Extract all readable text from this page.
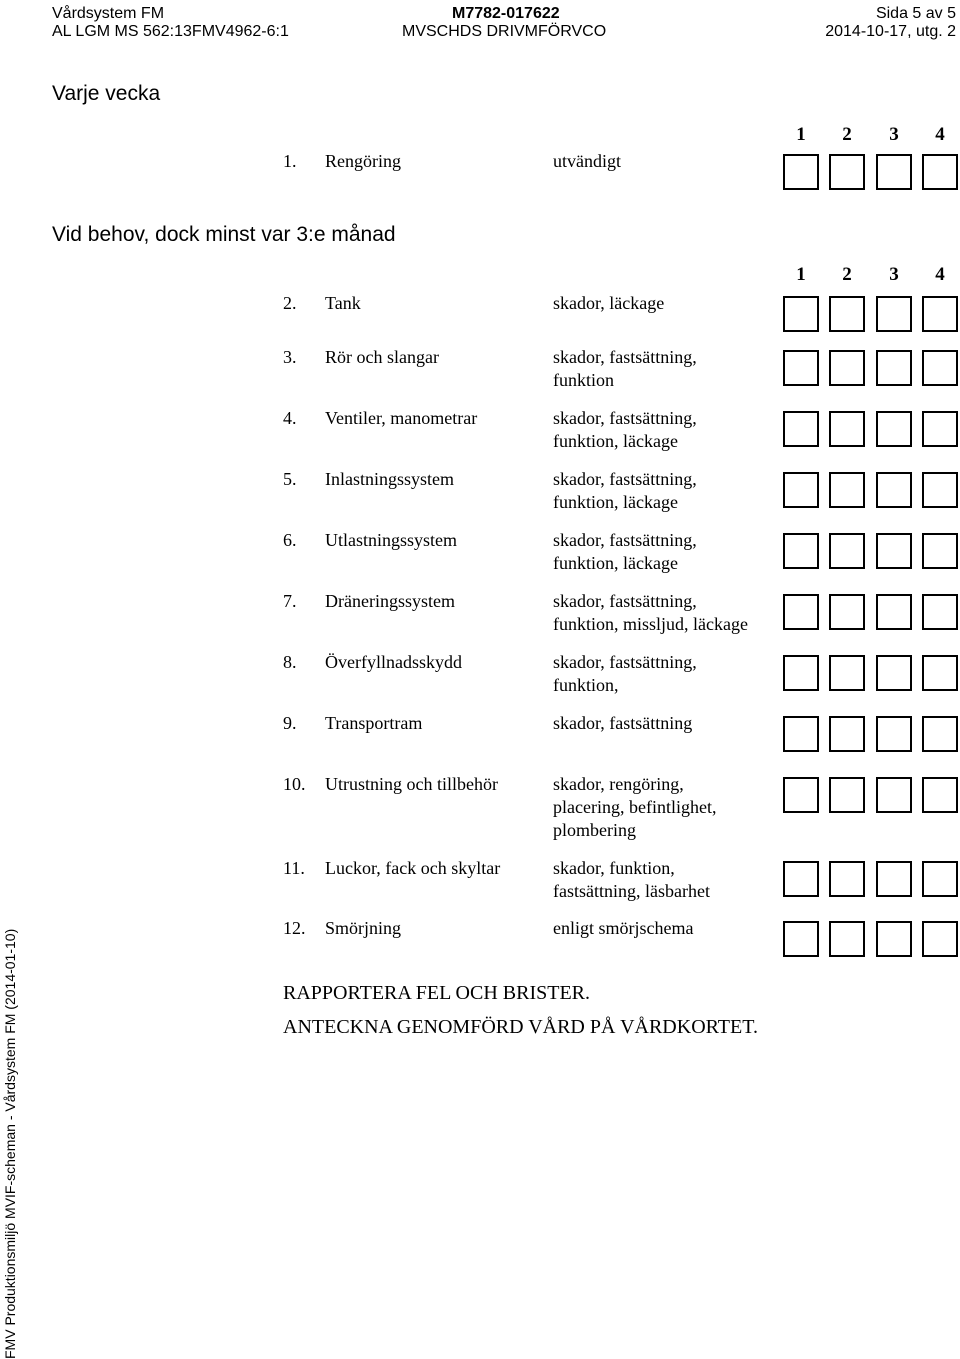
Vårdsystem FM
AL LGM MS 562:13FMV4962-6:1
M7782-017622
MVSCHDS DRIVMFÖRVCO
Sida 5 av 5
2014-10-17, utg. 2
Varje vecka
1	2	3	4
1.	Rengöring	utvändigt
Vid behov, dock minst var 3:e månad
1	2	3	4
2.	Tank	skador, läckage
3.	Rör och slangar	skador, fastsättning,
funktion
4.	Ventiler, manometrar	skador, fastsättning,
funktion, läckage
5.	Inlastningssystem	skador, fastsättning,
funktion, läckage
6.	Utlastningssystem	skador, fastsättning,
funktion, läckage
7.	Dräneringssystem	skador, fastsättning,
funktion, missljud, läckage
8.	Överfyllnadsskydd	skador, fastsättning,
funktion,
9.	Transportram	skador, fastsättning
10.	Utrustning och tillbehör	skador, rengöring,
placering, befintlighet,
plombering
11.	Luckor, fack och skyltar	skador, funktion,
fastsättning, läsbarhet
12.	Smörjning	enligt smörjschema
RAPPORTERA FEL OCH BRISTER.
ANTECKNA GENOMFÖRD VÅRD PÅ VÅRDKORTET.
FMV Produktionsmiljö MVIF-scheman - Vårdsystem FM (2014-01-10)
